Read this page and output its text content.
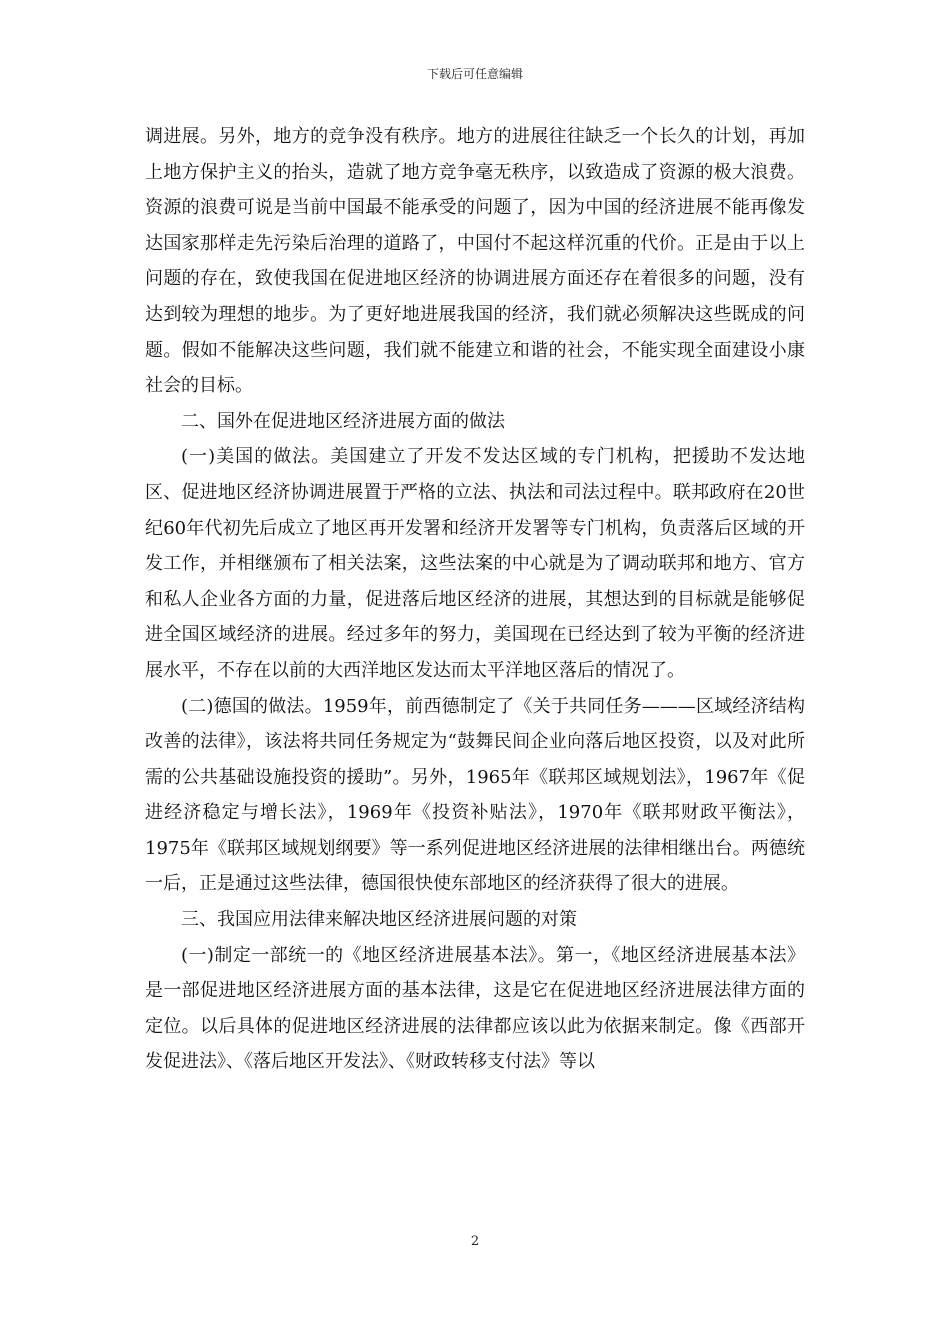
下载后可任意编辑

调进展。另外，地方的竞争没有秩序。地方的进展往往缺乏一个长久的计划，再加上地方保护主义的抬头，造就了地方竞争毫无秩序，以致造成了资源的极大浪费。资源的浪费可说是当前中国最不能承受的问题了，因为中国的经济进展不能再像发达国家那样走先污染后治理的道路了，中国付不起这样沉重的代价。正是由于以上问题的存在，致使我国在促进地区经济的协调进展方面还存在着很多的问题，没有达到较为理想的地步。为了更好地进展我国的经济，我们就必须解决这些既成的问题。假如不能解决这些问题，我们就不能建立和谐的社会，不能实现全面建设小康社会的目标。

二、国外在促进地区经济进展方面的做法

(一)美国的做法。美国建立了开发不发达区域的专门机构，把援助不发达地区、促进地区经济协调进展置于严格的立法、执法和司法过程中。联邦政府在20世纪60年代初先后成立了地区再开发署和经济开发署等专门机构，负责落后区域的开发工作，并相继颁布了相关法案，这些法案的中心就是为了调动联邦和地方、官方和私人企业各方面的力量，促进落后地区经济的进展，其想达到的目标就是能够促进全国区域经济的进展。经过多年的努力，美国现在已经达到了较为平衡的经济进展水平，不存在以前的大西洋地区发达而太平洋地区落后的情况了。

(二)德国的做法。1959年，前西德制定了《关于共同任务———区域经济结构改善的法律》，该法将共同任务规定为“鼓舞民间企业向落后地区投资，以及对此所需的公共基础设施投资的援助”。另外，1965年《联邦区域规划法》，1967年《促进经济稳定与增长法》，1969年《投资补贴法》，1970年《联邦财政平衡法》，1975年《联邦区域规划纲要》等一系列促进地区经济进展的法律相继出台。两德统一后，正是通过这些法律，德国很快使东部地区的经济获得了很大的进展。

三、我国应用法律来解决地区经济进展问题的对策

(一)制定一部统一的《地区经济进展基本法》。第一，《地区经济进展基本法》是一部促进地区经济进展方面的基本法律，这是它在促进地区经济进展法律方面的定位。以后具体的促进地区经济进展的法律都应该以此为依据来制定。像《西部开发促进法》、《落后地区开发法》、《财政转移支付法》等以

2
